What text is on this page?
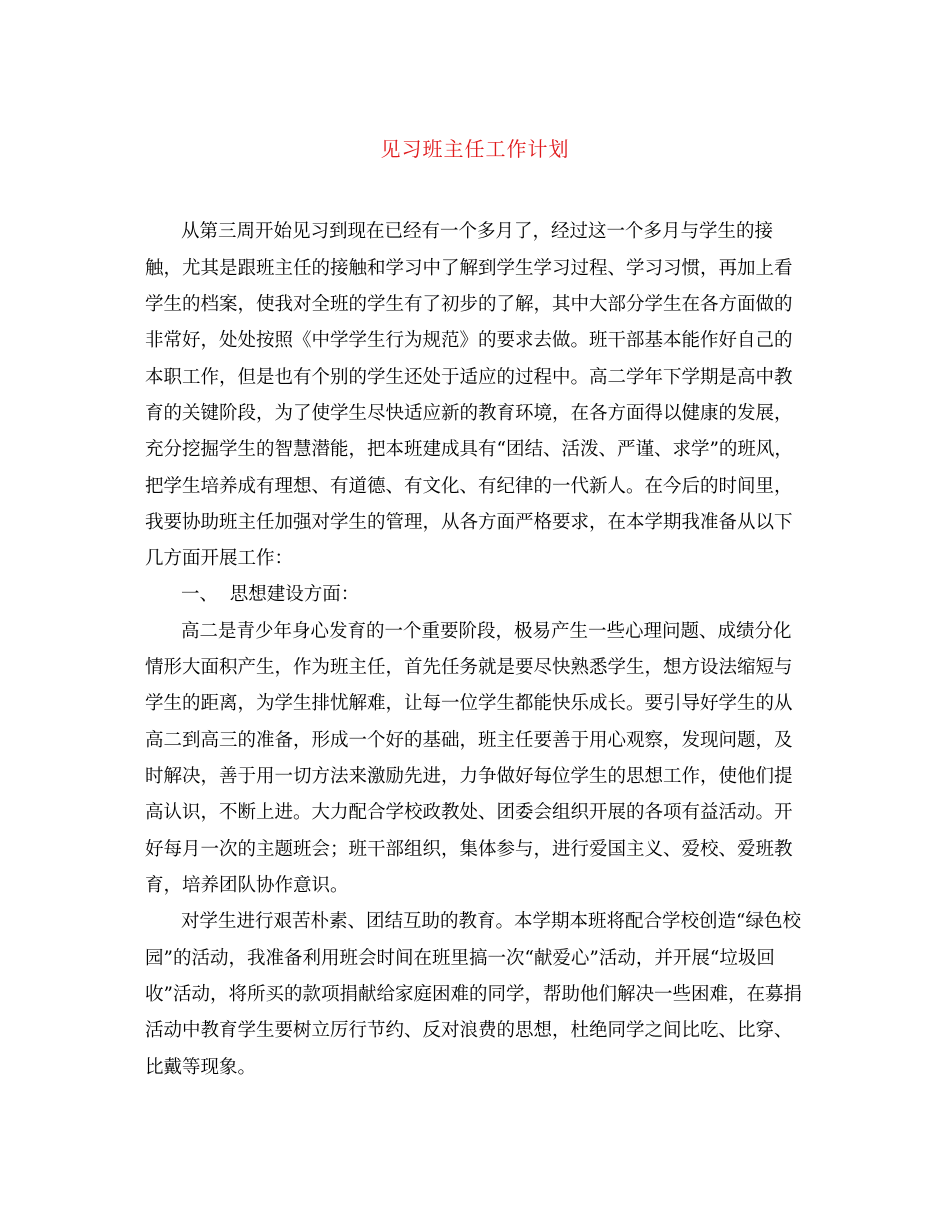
见习班主任工作计划
从第三周开始见习到现在已经有一个多月了，经过这一个多月与学生的接
触，尤其是跟班主任的接触和学习中了解到学生学习过程、学习习惯，再加上看
学生的档案，使我对全班的学生有了初步的了解，其中大部分学生在各方面做的
非常好，处处按照《中学学生行为规范》的要求去做。班干部基本能作好自己的
本职工作，但是也有个别的学生还处于适应的过程中。高二学年下学期是高中教
育的关键阶段，为了使学生尽快适应新的教育环境，在各方面得以健康的发展，
充分挖掘学生的智慧潜能，把本班建成具有“团结、活泼、严谨、求学”的班风，
把学生培养成有理想、有道德、有文化、有纪律的一代新人。在今后的时间里，
我要协助班主任加强对学生的管理，从各方面严格要求，在本学期我准备从以下
几方面开展工作：
一、  思想建设方面：
高二是青少年身心发育的一个重要阶段，极易产生一些心理问题、成绩分化
情形大面积产生，作为班主任，首先任务就是要尽快熟悉学生，想方设法缩短与
学生的距离，为学生排忧解难，让每一位学生都能快乐成长。要引导好学生的从
高二到高三的准备，形成一个好的基础，班主任要善于用心观察，发现问题，及
时解决，善于用一切方法来激励先进，力争做好每位学生的思想工作，使他们提
高认识，不断上进。大力配合学校政教处、团委会组织开展的各项有益活动。开
好每月一次的主题班会；班干部组织，集体参与，进行爱国主义、爱校、爱班教
育，培养团队协作意识。
对学生进行艰苦朴素、团结互助的教育。本学期本班将配合学校创造“绿色校
园”的活动，我准备利用班会时间在班里搞一次“献爱心”活动，并开展“垃圾回
收”活动，将所买的款项捐献给家庭困难的同学，帮助他们解决一些困难，在募捐
活动中教育学生要树立厉行节约、反对浪费的思想，杜绝同学之间比吃、比穿、
比戴等现象。
